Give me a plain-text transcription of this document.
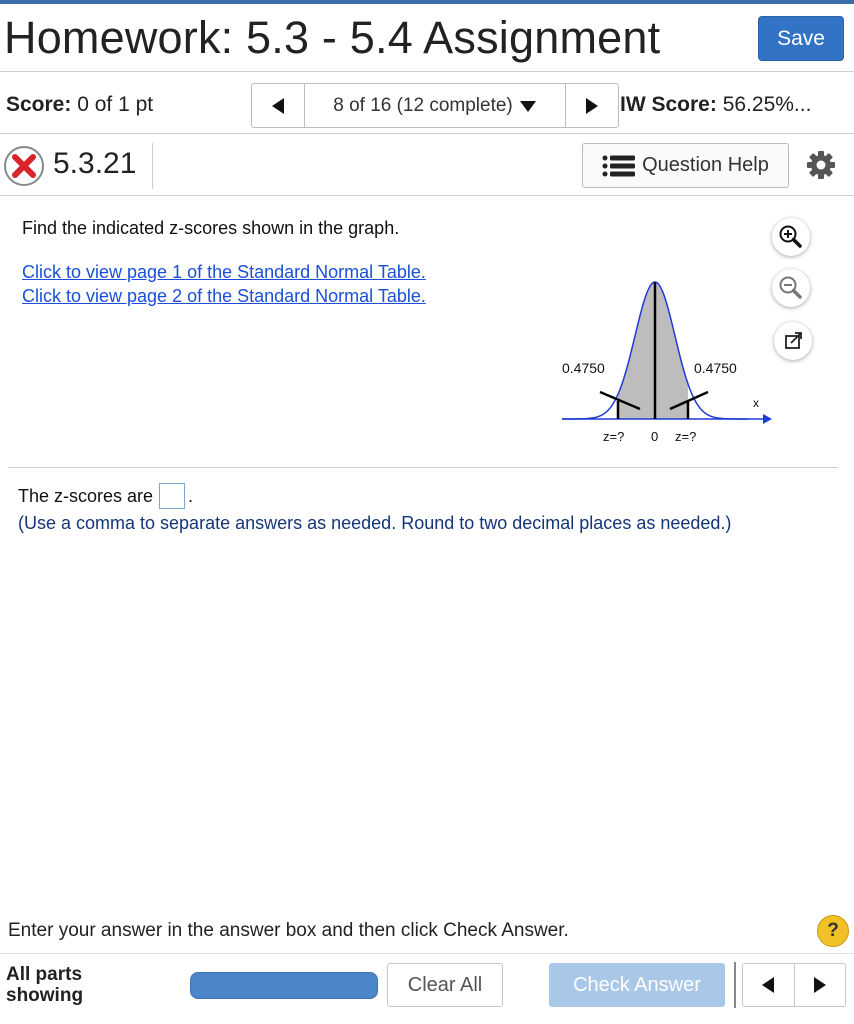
Homework: 5.3 - 5.4 Assignment	Save
Score: 0 of 1 pt	8 of 16 (12 complete)	IW Score: 56.25%...
5.3.21	Question Help
Find the indicated z-scores shown in the graph.
Click to view page 1 of the Standard Normal Table.
Click to view page 2 of the Standard Normal Table.
0.4750	0.4750
x
z=? 0 z=?
The z-scores are .
(Use a comma to separate answers as needed. Round to two decimal places as needed.)
Enter your answer in the answer box and then click Check Answer.	?
All parts showing	Clear All	Check Answer
